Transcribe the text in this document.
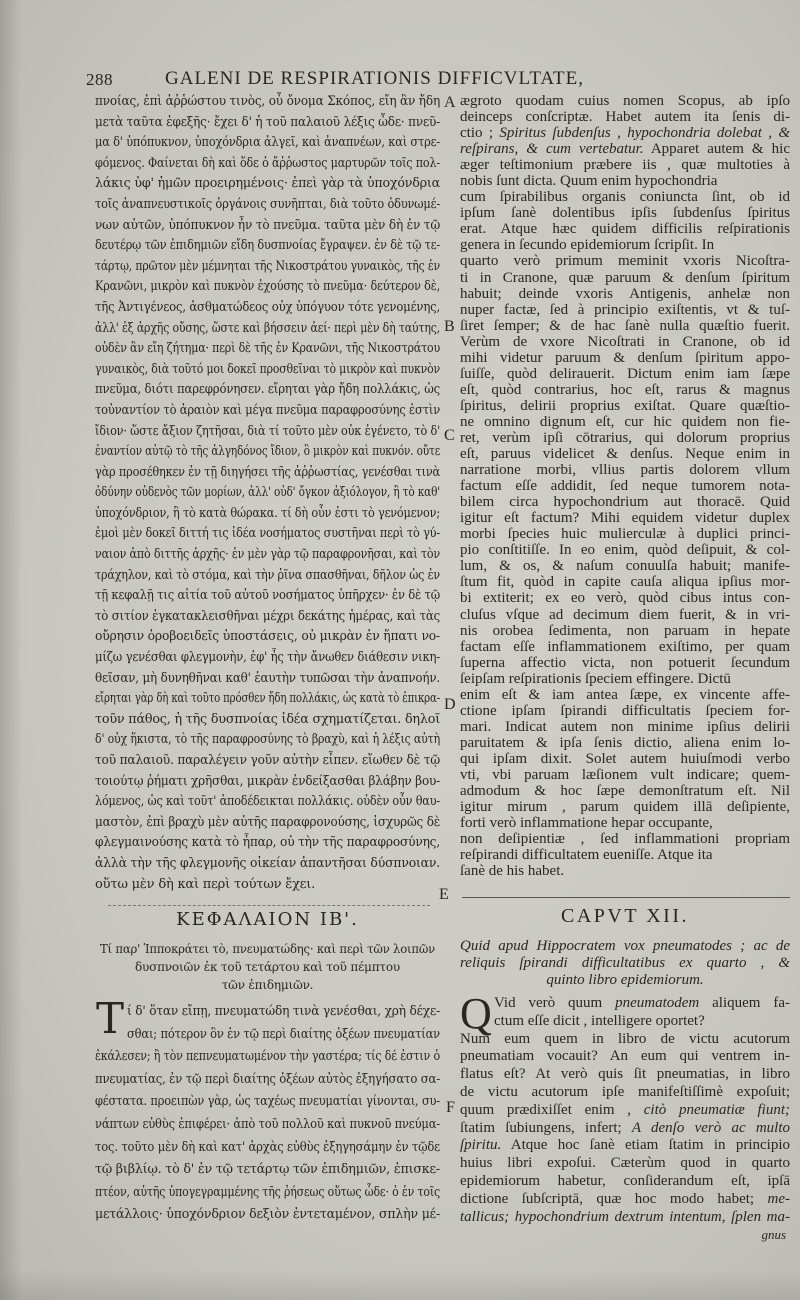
288	GALENI DE RESPIRATIONIS DIFFICVLTATE,
πνοίας, ἐπὶ ἀῤῥώστου τινὸς, οὗ ὄνομα Σκόπος, εἴη ἂν ἤδη
μετὰ ταῦτα ἐφεξῆς· ἔχει δ' ἡ τοῦ παλαιοῦ λέξις ὧδε· πνεῦ-
μα δ' ὑπόπυκνον, ὑποχόνδρια ἀλγεῖ, καὶ ἀναπνέων, καὶ στρε-
φόμενος. Φαίνεται δὴ καὶ ὅδε ὁ ἄῤῥωστος μαρτυρῶν τοῖς πολ-
λάκις ὑφ' ἡμῶν προειρημένοις· ἐπεὶ γὰρ τὰ ὑποχόνδρια
τοῖς ἀναπνευστικοῖς ὀργάνοις συνῆπται, διὰ τοῦτο ὀδυνωμέ-
νων αὐτῶν, ὑπόπυκνον ἦν τὸ πνεῦμα. ταῦτα μὲν δὴ ἐν τῷ
δευτέρῳ τῶν ἐπιδημιῶν εἴδη δυσπνοίας ἔγραψεν. ἐν δὲ τῷ τε-
τάρτῳ, πρῶτον μὲν μέμνηται τῆς Νικοστράτου γυναικὸς, τῆς ἐν
Κρανῶνι, μικρὸν καὶ πυκνὸν ἐχούσης τὸ πνεῦμα· δεύτερον δὲ,
τῆς Ἀντιγένεος, ἀσθματώδεος οὐχ ὑπόγυον τότε γενομένης,
ἀλλ' ἐξ ἀρχῆς οὔσης, ὥστε καὶ βήσσειν ἀεί· περὶ μὲν δὴ ταύτης,
οὐδὲν ἂν εἴη ζήτημα· περὶ δὲ τῆς ἐν Κρανῶνι, τῆς Νικοστράτου
γυναικὸς, διὰ τοῦτό μοι δοκεῖ προσθεῖναι τὸ μικρὸν καὶ πυκνὸν
πνεῦμα, διότι παρεφρόνησεν. εἴρηται γὰρ ἤδη πολλάκις, ὡς
τοὐναντίον τὸ ἀραιὸν καὶ μέγα πνεῦμα παραφροσύνης ἐστὶν
ἴδιον· ὥστε ἄξιον ζητῆσαι, διὰ τί τοῦτο μὲν οὐκ ἐγένετο, τὸ δ'
ἐναντίον αὐτῷ τὸ τῆς ἀλγηδόνος ἴδιον, ὃ μικρὸν καὶ πυκνόν. οὔτε
γὰρ προσέθηκεν ἐν τῇ διηγήσει τῆς ἀῤῥωστίας, γενέσθαι τινὰ
ὀδύνην οὐδενὸς τῶν μορίων, ἀλλ' οὐδ' ὄγκον ἀξιόλογον, ἢ τὸ καθ'
ὑποχόνδριον, ἢ τὸ κατὰ θώρακα. τί δὴ οὖν ἐστι τὸ γενόμενον;
ἐμοὶ μὲν δοκεῖ διττή τις ἰδέα νοσήματος συστῆναι περὶ τὸ γύ-
ναιον ἀπὸ διττῆς ἀρχῆς· ἐν μὲν γὰρ τῷ παραφρονῆσαι, καὶ τὸν
τράχηλον, καὶ τὸ στόμα, καὶ τὴν ῥῖνα σπασθῆναι, δῆλον ὡς ἐν
τῇ κεφαλῇ τις αἰτία τοῦ αὐτοῦ νοσήματος ὑπῆρχεν· ἐν δὲ τῷ
τὸ σιτίον ἐγκατακλεισθῆναι μέχρι δεκάτης ἡμέρας, καὶ τὰς
οὔρησιν ὀροβοειδεῖς ὑποστάσεις, οὐ μικρὰν ἐν ἥπατι νο-
μίζω γενέσθαι φλεγμονὴν, ἐφ' ἧς τὴν ἄνωθεν διάθεσιν νικη-
θεῖσαν, μὴ δυνηθῆναι καθ' ἑαυτὴν τυπῶσαι τὴν ἀναπνοήν.
εἴρηται γὰρ δὴ καὶ τοῦτο πρόσθεν ἤδη πολλάκις, ὡς κατὰ τὸ ἐπικρα-
τοῦν πάθος, ἡ τῆς δυσπνοίας ἰδέα σχηματίζεται. δηλοῖ
δ' οὐχ ἥκιστα, τὸ τῆς παραφροσύνης τὸ βραχὺ, καὶ ἡ λέξις αὐτὴ
τοῦ παλαιοῦ. παραλέγειν γοῦν αὐτὴν εἶπεν. εἴωθεν δὲ τῷ
τοιούτῳ ῥήματι χρῆσθαι, μικρὰν ἐνδείξασθαι βλάβην βου-
λόμενος, ὡς καὶ τοῦτ' ἀποδέδεικται πολλάκις. οὐδὲν οὖν θαυ-
μαστὸν, ἐπὶ βραχὺ μὲν αὐτῆς παραφρονούσης, ἰσχυρῶς δὲ
φλεγμαινούσης κατὰ τὸ ἧπαρ, οὐ τὴν τῆς παραφροσύνης,
ἀλλὰ τὴν τῆς φλεγμονῆς οἰκείαν ἀπαντῆσαι δύσπνοιαν.
οὕτω μὲν δὴ καὶ περὶ τούτων ἔχει.
ægroto quodam cuius nomen Scopus, ab ipſo
deinceps conſcriptæ. Habet autem ita ſenis di-
ctio ; Spiritus ſubdenſus , hypochondria dolebat , &
reſpirans, & cum vertebatur. Apparet autem & hic
æger teſtimonium præbere iis , quæ multoties à
nobis ſunt dicta. Quum enim hypochondria
cum ſpirabilibus organis coniuncta ſint, ob id
ipſum ſanè dolentibus ipſis ſubdenſus ſpiritus
erat. Atque hæc quidem difficilis reſpirationis
genera in ſecundo epidemiorum ſcripſit. In
quarto verò primum meminit vxoris Nicoſtra-
ti in Cranone, quæ paruum & denſum ſpiritum
habuit; deinde vxoris Antigenis, anhelæ non
nuper factæ, ſed à principio exiſtentis, vt & tuſ-
ſiret ſemper; & de hac ſanè nulla quæſtio fuerit.
Verùm de vxore Nicoſtrati in Cranone, ob id
mihi videtur paruum & denſum ſpiritum appo-
ſuiſſe, quòd delirauerit. Dictum enim iam ſæpe
eſt, quòd contrarius, hoc eſt, rarus & magnus
ſpiritus, delirii proprius exiſtat. Quare quæſtio-
ne omnino dignum eſt, cur hic quidem non fie-
ret, verùm ipſi cōtrarius, qui dolorum proprius
eſt, paruus videlicet & denſus. Neque enim in
narratione morbi, vllius partis dolorem vllum
factum eſſe addidit, ſed neque tumorem nota-
bilem circa hypochondrium aut thoracē. Quid
igitur eſt factum? Mihi equidem videtur duplex
morbi ſpecies huic mulierculæ à duplici princi-
pio conſtitiſſe. In eo enim, quòd deſipuit, & col-
lum, & os, & naſum conuulſa habuit; manife-
ſtum fit, quòd in capite cauſa aliqua ipſius mor-
bi extiterit; ex eo verò, quòd cibus intus con-
cluſus vſque ad decimum diem fuerit, & in vri-
nis orobea ſedimenta, non paruam in hepate
factam eſſe inflammationem exiſtimo, per quam
ſuperna affectio victa, non potuerit ſecundum
ſeipſam reſpirationis ſpeciem effingere. Dictū
enim eſt & iam antea ſæpe, ex vincente affe-
ctione ipſam ſpirandi difficultatis ſpeciem for-
mari. Indicat autem non minime ipſius delirii
paruitatem & ipſa ſenis dictio, aliena enim lo-
qui ipſam dixit. Solet autem huiuſmodi verbo
vti, vbi paruam læſionem vult indicare; quem-
admodum & hoc ſæpe demonſtratum eſt. Nil
igitur mirum , parum quidem illā deſipiente,
forti verò inflammatione hepar occupante,
non deſipientiæ , ſed inflammationi propriam
reſpirandi difficultatem eueniſſe. Atque ita
ſanè de his habet.
A
B
C
D
E
F
ΚΕΦΑΛΑΙΟΝ ΙΒ'.	CAPVT XII.
Τί παρ' Ἱπποκράτει τὸ, πνευματώδης· καὶ περὶ τῶν λοιπῶν
δυσπνοιῶν ἐκ τοῦ τετάρτου καὶ τοῦ πέμπτου
τῶν ἐπιδημιῶν.
Quid apud Hippocratem vox pneumatodes ; ac de
reliquis ſpirandi difficultatibus ex quarto , &
quinto libro epidemiorum.
Τ	Q
ί δ' ὅταν εἴπῃ, πνευματώδη τινὰ γενέσθαι, χρὴ δέχε-
σθαι; πότερον ὃν ἐν τῷ περὶ διαίτης ὀξέων πνευματίαν
ἐκάλεσεν; ἢ τὸν πεπνευματωμένον τὴν γαστέρα; τίς δέ ἐστιν ὁ
πνευματίας, ἐν τῷ περὶ διαίτης ὀξέων αὐτὸς ἐξηγήσατο σα-
φέστατα. προειπὼν γὰρ, ὡς ταχέως πνευματίαι γίνονται, συ-
νάπτων εὐθὺς ἐπιφέρει· ἀπὸ τοῦ πολλοῦ καὶ πυκνοῦ πνεύμα-
τος. τοῦτο μὲν δὴ καὶ κατ' ἀρχὰς εὐθὺς ἐξηγησάμην ἐν τῷδε
τῷ βιβλίῳ. τὸ δ' ἐν τῷ τετάρτῳ τῶν ἐπιδημιῶν, ἐπισκε-
πτέον, αὐτῆς ὑπογεγραμμένης τῆς ῥήσεως οὕτως ὧδε· ὁ ἐν τοῖς
μετάλλοις· ὑποχόνδριον δεξιὸν ἐντεταμένον, σπλὴν μέ-
Vid verò quum pneumatodem aliquem fa-
ctum eſſe dicit , intelligere oportet?
Num eum quem in libro de victu acutorum
pneumatiam vocauit? An eum qui ventrem in-
flatus eſt? At verò quis ſit pneumatias, in libro
de victu acutorum ipſe manifeſtiſſimè expoſuit;
quum prædixiſſet enim , citò pneumatiæ fiunt;
ſtatim ſubiungens, infert; A denſo verò ac multo
ſpiritu. Atque hoc ſanè etiam ſtatim in principio
huius libri expoſui. Cæterùm quod in quarto
epidemiorum habetur, conſiderandum eſt, ipſā
dictione ſubſcriptā, quæ hoc modo habet; me-
tallicus; hypochondrium dextrum intentum, ſplen ma-
gnus
